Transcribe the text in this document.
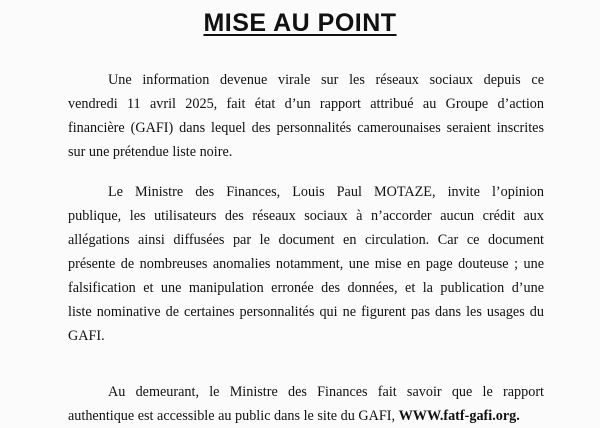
MISE AU POINT

Une information devenue virale sur les réseaux sociaux depuis ce
vendredi 11 avril 2025, fait état d’un rapport attribué au Groupe d’action
financière (GAFI) dans lequel des personnalités camerounaises seraient inscrites
sur une prétendue liste noire.

Le Ministre des Finances, Louis Paul MOTAZE, invite l’opinion
publique, les utilisateurs des réseaux sociaux à n’accorder aucun crédit aux
allégations ainsi diffusées par le document en circulation. Car ce document
présente de nombreuses anomalies notamment, une mise en page douteuse ; une
falsification et une manipulation erronée des données, et la publication d’une
liste nominative de certaines personnalités qui ne figurent pas dans les usages du
GAFI.

Au demeurant, le Ministre des Finances fait savoir que le rapport
authentique est accessible au public dans le site du GAFI, WWW.fatf-gafi.org.
